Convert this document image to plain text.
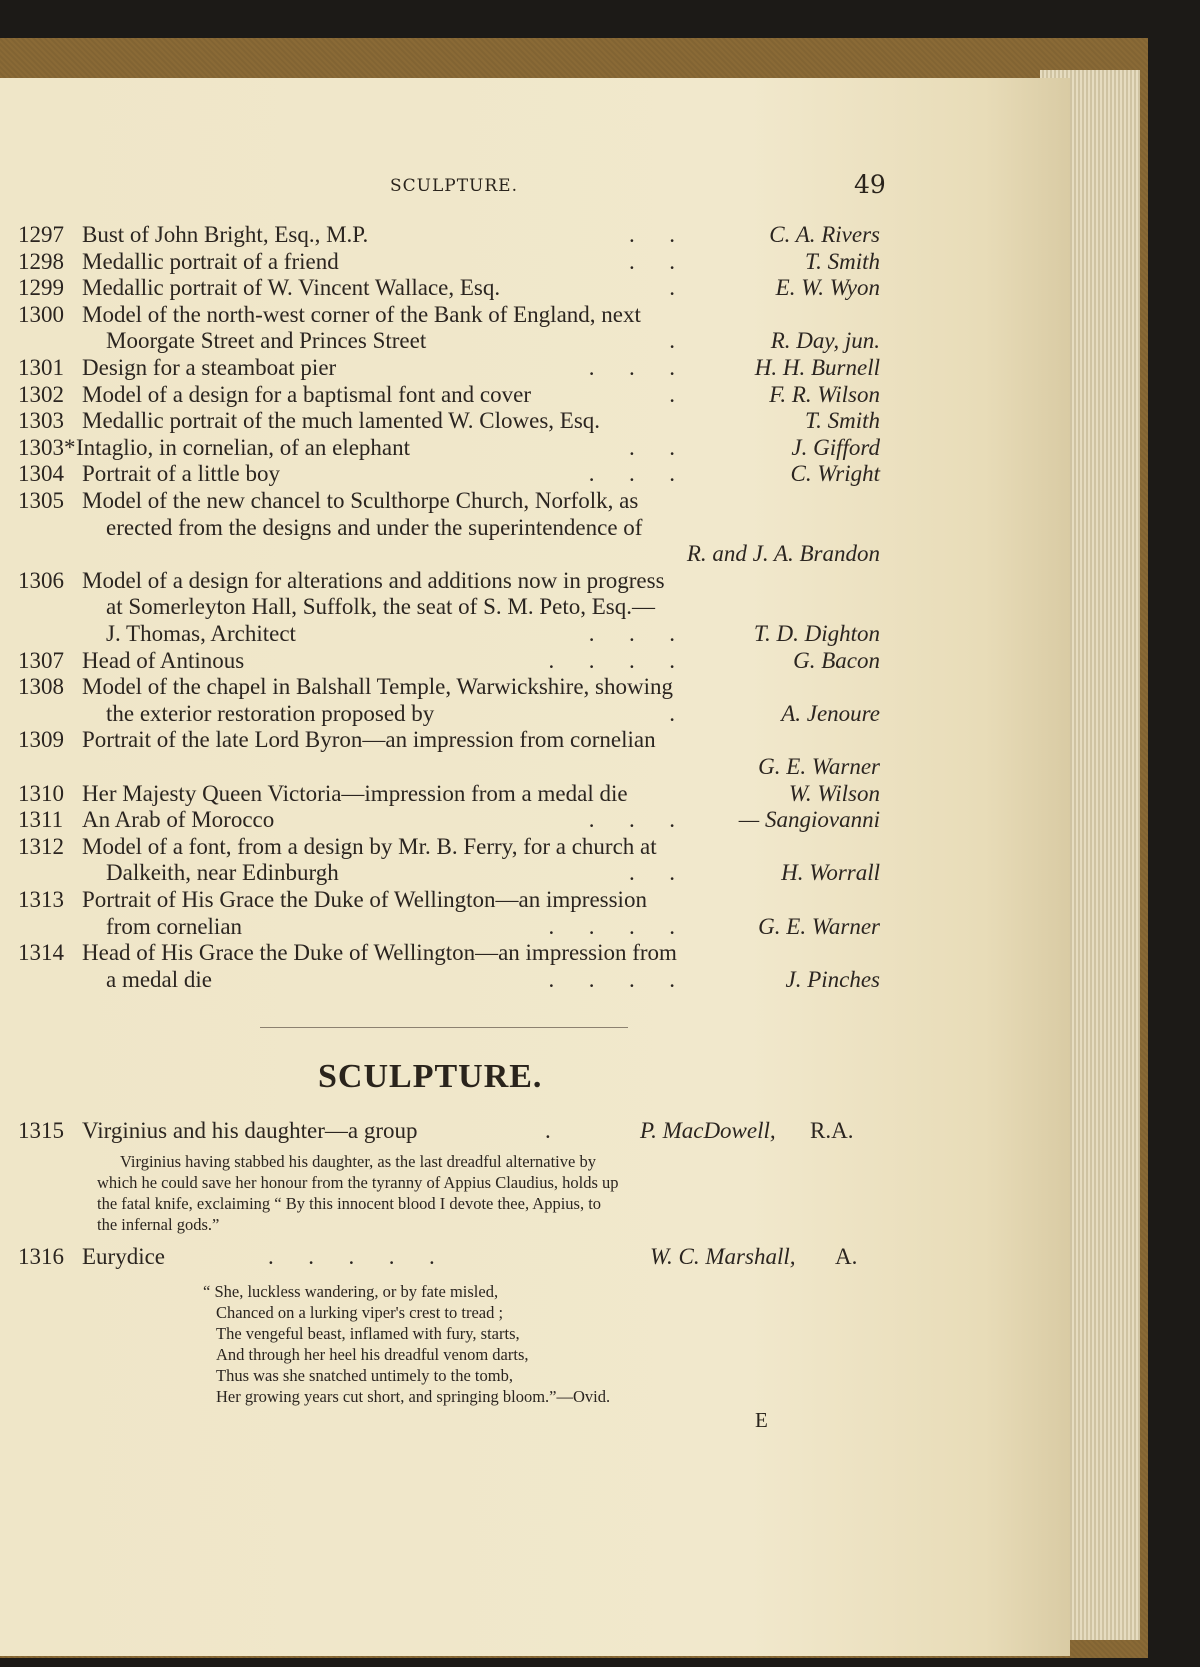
SCULPTURE.	49
1297 Bust of John Bright, Esq., M.P.	.      .	C. A. Rivers
1298 Medallic portrait of a friend	.      .	T. Smith
1299 Medallic portrait of W. Vincent Wallace, Esq.	.	E. W. Wyon
1300 Model of the north-west corner of the Bank of England, next
Moorgate Street and Princes Street	.	R. Day, jun.
1301 Design for a steamboat pier	.      .      .	H. H. Burnell
1302 Model of a design for a baptismal font and cover	.	F. R. Wilson
1303 Medallic portrait of the much lamented W. Clowes, Esq.	T. Smith
1303* Intaglio, in cornelian, of an elephant	.      .	J. Gifford
1304 Portrait of a little boy	.      .      .	C. Wright
1305 Model of the new chancel to Sculthorpe Church, Norfolk, as
erected from the designs and under the superintendence of
R. and J. A. Brandon
1306 Model of a design for alterations and additions now in progress
at Somerleyton Hall, Suffolk, the seat of S. M. Peto, Esq.—
J. Thomas, Architect	.      .      .	T. D. Dighton
1307 Head of Antinous	.      .      .      .	G. Bacon
1308 Model of the chapel in Balshall Temple, Warwickshire, showing
the exterior restoration proposed by	.	A. Jenoure
1309 Portrait of the late Lord Byron—an impression from cornelian
G. E. Warner
1310 Her Majesty Queen Victoria—impression from a medal die	W. Wilson
1311 An Arab of Morocco	.      .      .	— Sangiovanni
1312 Model of a font, from a design by Mr. B. Ferry, for a church at
Dalkeith, near Edinburgh	.      .	H. Worrall
1313 Portrait of His Grace the Duke of Wellington—an impression
from cornelian	.      .      .      .	G. E. Warner
1314 Head of His Grace the Duke of Wellington—an impression from
a medal die	.      .      .      .	J. Pinches
SCULPTURE.
1315 Virginius and his daughter—a group	.	P. MacDowell, R.A.
Virginius having stabbed his daughter, as the last dreadful alternative by
which he could save her honour from the tyranny of Appius Claudius, holds up
the fatal knife, exclaiming “ By this innocent blood I devote thee, Appius, to
the infernal gods.”
1316 Eurydice	.      .      .      .      .	W. C. Marshall, A.
“ She, luckless wandering, or by fate misled,
Chanced on a lurking viper's crest to tread ;
The vengeful beast, inflamed with fury, starts,
And through her heel his dreadful venom darts,
Thus was she snatched untimely to the tomb,
Her growing years cut short, and springing bloom.”—Ovid.
E
